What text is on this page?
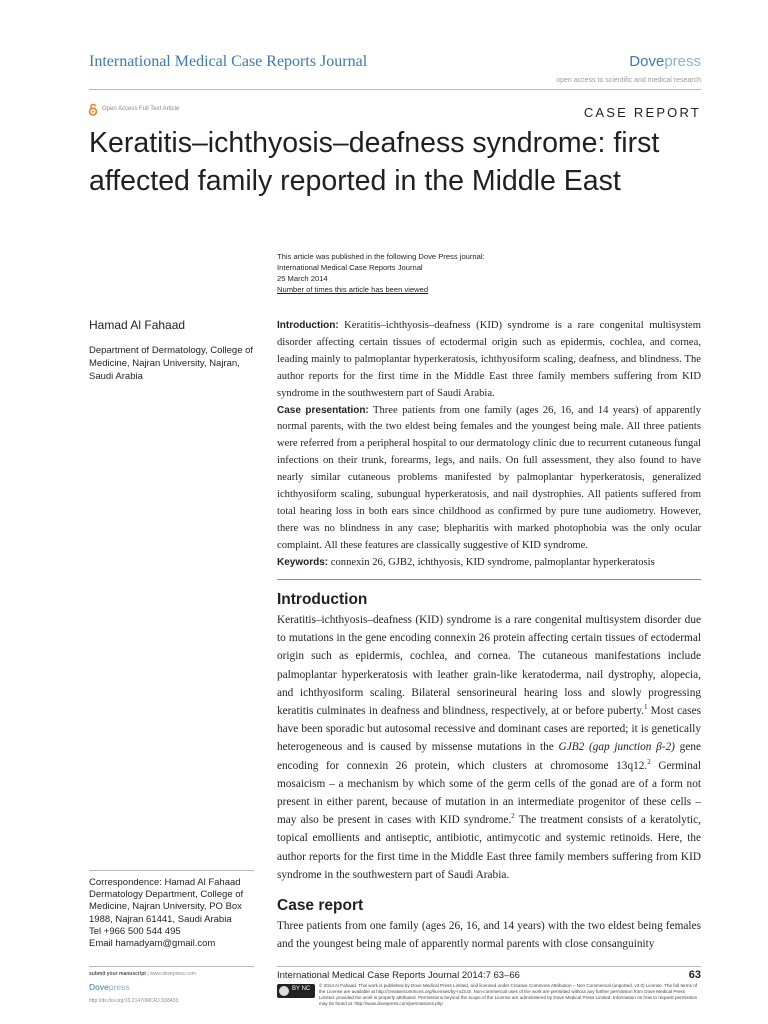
International Medical Case Reports Journal	Dovepress
open access to scientific and medical research
Open Access Full Text Article	CASE REPORT
Keratitis–ichthyosis–deafness syndrome: first affected family reported in the Middle East
This article was published in the following Dove Press journal:
International Medical Case Reports Journal
25 March 2014
Number of times this article has been viewed
Hamad Al Fahaad
Department of Dermatology, College of Medicine, Najran University, Najran, Saudi Arabia

Introduction: Keratitis–ichthyosis–deafness (KID) syndrome is a rare congenital multisystem disorder affecting certain tissues of ectodermal origin such as epidermis, cochlea, and cornea, leading mainly to palmoplantar hyperkeratosis, ichthyosiform scaling, deafness, and blindness. The author reports for the first time in the Middle East three family members suffering from KID syndrome in the southwestern part of Saudi Arabia.

Case presentation: Three patients from one family (ages 26, 16, and 14 years) of apparently normal parents, with the two eldest being females and the youngest being male. All three patients were referred from a peripheral hospital to our dermatology clinic due to recurrent cutaneous fungal infections on their trunk, forearms, legs, and nails. On full assessment, they also found to have nearly similar cutaneous problems manifested by palmoplantar hyperkeratosis, generalized ichthyosiform scaling, subungual hyperkeratosis, and nail dystrophies. All patients suffered from total hearing loss in both ears since childhood as confirmed by pure tune audiometry. However, there was no blindness in any case; blepharitis with marked photophobia was the only ocular complaint. All these features are classically suggestive of KID syndrome.

Keywords: connexin 26, GJB2, ichthyosis, KID syndrome, palmoplantar hyperkeratosis

Introduction

Keratitis–ichthyosis–deafness (KID) syndrome is a rare congenital multisystem disorder due to mutations in the gene encoding connexin 26 protein affecting certain tissues of ectodermal origin such as epidermis, cochlea, and cornea. The cutaneous manifestations include palmoplantar hyperkeratosis with leather grain-like keratoderma, nail dystrophy, alopecia, and ichthyosiform scaling. Bilateral sensorineural hearing loss and slowly progressing keratitis culminates in deafness and blindness, respectively, at or before puberty.$^1$ Most cases have been sporadic but autosomal recessive and dominant cases are reported; it is genetically heterogeneous and is caused by missense mutations in the GJB2 (gap junction β-2) gene encoding for connexin 26 protein, which clusters at chromosome 13q12.$^2$ Germinal mosaicism – a mechanism by which some of the germ cells of the gonad are of a form not present in either parent, because of mutation in an intermediate progenitor of these cells – may also be present in cases with KID syndrome.$^2$ The treatment consists of a keratolytic, topical emollients and antiseptic, antibiotic, antimycotic and systemic retinoids. Here, the author reports for the first time in the Middle East three family members suffering from KID syndrome in the southwestern part of Saudi Arabia.

Case report

Three patients from one family (ages 26, 16, and 14 years) with the two eldest being females and the youngest being male of apparently normal parents with close consanguinity

Correspondence: Hamad Al Fahaad
Dermatology Department, College of
Medicine, Najran University, PO Box
1988, Najran 61441, Saudi Arabia
Tel +966 500 544 495
Email hamadyam@gmail.com
submit your manuscript | www.dovepress.com
Dovepress
http://dx.doi.org/10.2147/IMCRJ.S58433
International Medical Case Reports Journal 2014:7 63–66	63
BY NC
© 2014 Al Fahaad. This work is published by Dove Medical Press Limited, and licensed under Creative Commons Attribution – Non Commercial (unported, v3.0) License. The full terms of the License are available at http://creativecommons.org/licenses/by-nc/3.0/. Non-commercial uses of the work are permitted without any further permission from Dove Medical Press Limited, provided the work is properly attributed. Permissions beyond the scope of the License are administered by Dove Medical Press Limited. Information on how to request permission may be found at: http://www.dovepress.com/permissions.php
